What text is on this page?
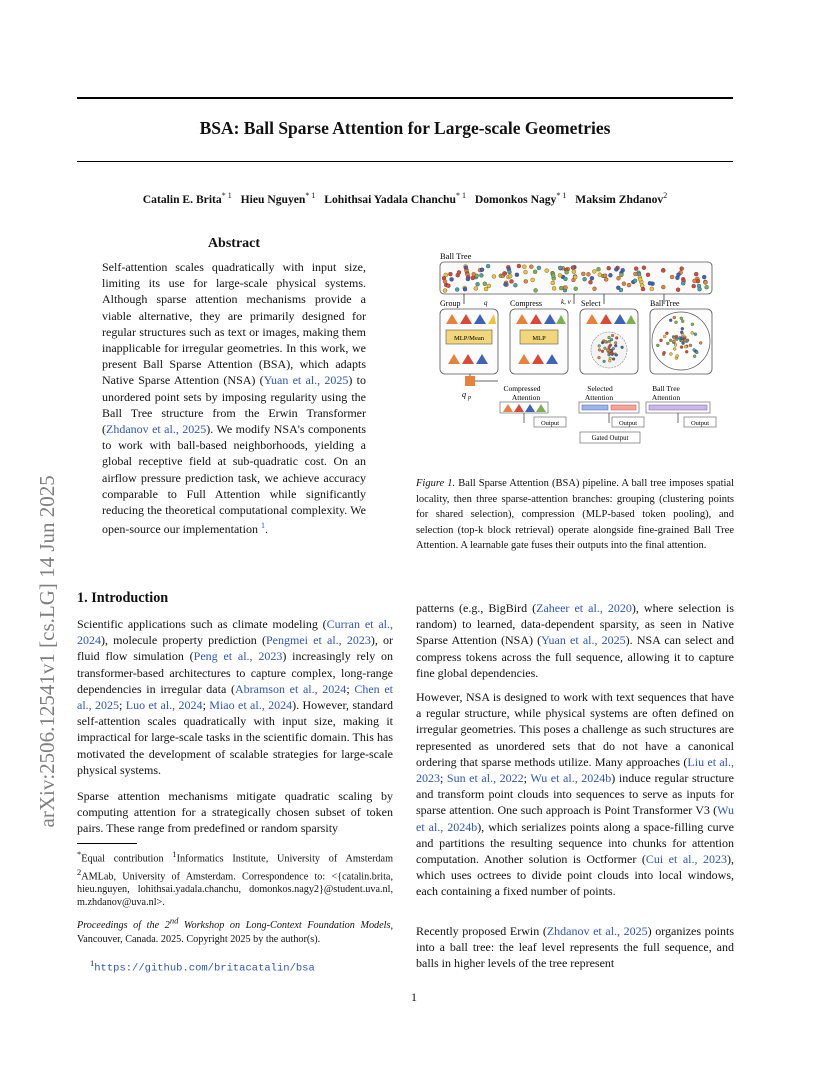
arXiv:2506.12541v1 [cs.LG] 14 Jun 2025
BSA: Ball Sparse Attention for Large-scale Geometries
Catalin E. Brita$^{* 1}$ Hieu Nguyen$^{* 1}$ Lohithsai Yadala Chanchu$^{* 1}$ Domonkos Nagy$^{* 1}$ Maksim Zhdanov$^2$
Abstract
Self-attention scales quadratically with input size, limiting its use for large-scale physical systems. Although sparse attention mechanisms provide a viable alternative, they are primarily designed for regular structures such as text or images, making them inapplicable for irregular geometries. In this work, we present Ball Sparse Attention (BSA), which adapts Native Sparse Attention (NSA) (Yuan et al., 2025) to unordered point sets by imposing regularity using the Ball Tree structure from the Erwin Transformer (Zhdanov et al., 2025). We modify NSA's components to work with ball-based neighborhoods, yielding a global receptive field at sub-quadratic cost. On an airflow pressure prediction task, we achieve accuracy comparable to Full Attention while significantly reducing the theoretical computational complexity. We open-source our implementation $^1$.
Ball Tree
Group	q	Compress	k, v Select	Ball Tree
MLP/Mean	MLP
q p
Compressed
Attention
Selected
Attention
Ball Tree
Attention
Output	Output	Output
Gated Output
Figure 1. Ball Sparse Attention (BSA) pipeline. A ball tree imposes spatial locality, then three sparse-attention branches: grouping (clustering points for shared selection), compression (MLP-based token pooling), and selection (top-k block retrieval) operate alongside fine-grained Ball Tree Attention. A learnable gate fuses their outputs into the final attention.
1. Introduction
Scientific applications such as climate modeling (Curran et al., 2024), molecule property prediction (Pengmei et al., 2023), or fluid flow simulation (Peng et al., 2023) increasingly rely on transformer-based architectures to capture complex, long-range dependencies in irregular data (Abramson et al., 2024; Chen et al., 2025; Luo et al., 2024; Miao et al., 2024). However, standard self-attention scales quadratically with input size, making it impractical for large-scale tasks in the scientific domain. This has motivated the development of scalable strategies for large-scale physical systems.
Sparse attention mechanisms mitigate quadratic scaling by computing attention for a strategically chosen subset of token pairs. These range from predefined or random sparsity
*Equal contribution $^1$Informatics Institute, University of Amsterdam $^2$AMLab, University of Amsterdam. Correspondence to: <{catalin.brita, hieu.nguyen, lohithsai.yadala.chanchu, domonkos.nagy2}@student.uva.nl, m.zhdanov@uva.nl>.
Proceedings of the 2nd Workshop on Long-Context Foundation Models, Vancouver, Canada. 2025. Copyright 2025 by the author(s).
$^1$https://github.com/britacatalin/bsa
patterns (e.g., BigBird (Zaheer et al., 2020), where selection is random) to learned, data-dependent sparsity, as seen in Native Sparse Attention (NSA) (Yuan et al., 2025). NSA can select and compress tokens across the full sequence, allowing it to capture fine global dependencies.
However, NSA is designed to work with text sequences that have a regular structure, while physical systems are often defined on irregular geometries. This poses a challenge as such structures are represented as unordered sets that do not have a canonical ordering that sparse methods utilize. Many approaches (Liu et al., 2023; Sun et al., 2022; Wu et al., 2024b) induce regular structure and transform point clouds into sequences to serve as inputs for sparse attention. One such approach is Point Transformer V3 (Wu et al., 2024b), which serializes points along a space-filling curve and partitions the resulting sequence into chunks for attention computation. Another solution is Octformer (Cui et al., 2023), which uses octrees to divide point clouds into local windows, each containing a fixed number of points.
Recently proposed Erwin (Zhdanov et al., 2025) organizes points into a ball tree: the leaf level represents the full sequence, and balls in higher levels of the tree represent
1
